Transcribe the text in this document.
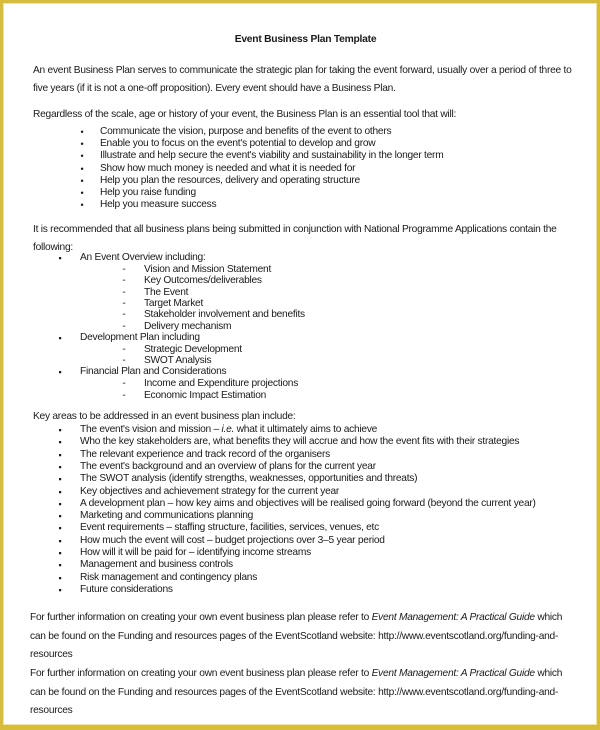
Event Business Plan Template
An event Business Plan serves to communicate the strategic plan for taking the event forward, usually over a period of three to five years (if it is not a one-off proposition). Every event should have a Business Plan.
Regardless of the scale, age or history of your event, the Business Plan is an essential tool that will:
• Communicate the vision, purpose and benefits of the event to others
• Enable you to focus on the event's potential to develop and grow
• Illustrate and help secure the event's viability and sustainability in the longer term
• Show how much money is needed and what it is needed for
• Help you plan the resources, delivery and operating structure
• Help you raise funding
• Help you measure success
It is recommended that all business plans being submitted in conjunction with National Programme Applications contain the following:
▪ An Event Overview including:
- Vision and Mission Statement
- Key Outcomes/deliverables
- The Event
- Target Market
- Stakeholder involvement and benefits
- Delivery mechanism
▪ Development Plan including
- Strategic Development
- SWOT Analysis
▪ Financial Plan and Considerations
- Income and Expenditure projections
- Economic Impact Estimation
Key areas to be addressed in an event business plan include:
▪ The event's vision and mission – i.e. what it ultimately aims to achieve
▪ Who the key stakeholders are, what benefits they will accrue and how the event fits with their strategies
▪ The relevant experience and track record of the organisers
▪ The event's background and an overview of plans for the current year
▪ The SWOT analysis (identify strengths, weaknesses, opportunities and threats)
▪ Key objectives and achievement strategy for the current year
▪ A development plan – how key aims and objectives will be realised going forward (beyond the current year)
▪ Marketing and communications planning
▪ Event requirements – staffing structure, facilities, services, venues, etc
▪ How much the event will cost – budget projections over 3–5 year period
▪ How will it will be paid for – identifying income streams
▪ Management and business controls
▪ Risk management and contingency plans
▪ Future considerations
For further information on creating your own event business plan please refer to Event Management: A Practical Guide which can be found on the Funding and resources pages of the EventScotland website: http://www.eventscotland.org/funding-and-resources
For further information on creating your own event business plan please refer to Event Management: A Practical Guide which can be found on the Funding and resources pages of the EventScotland website: http://www.eventscotland.org/funding-and-resources
